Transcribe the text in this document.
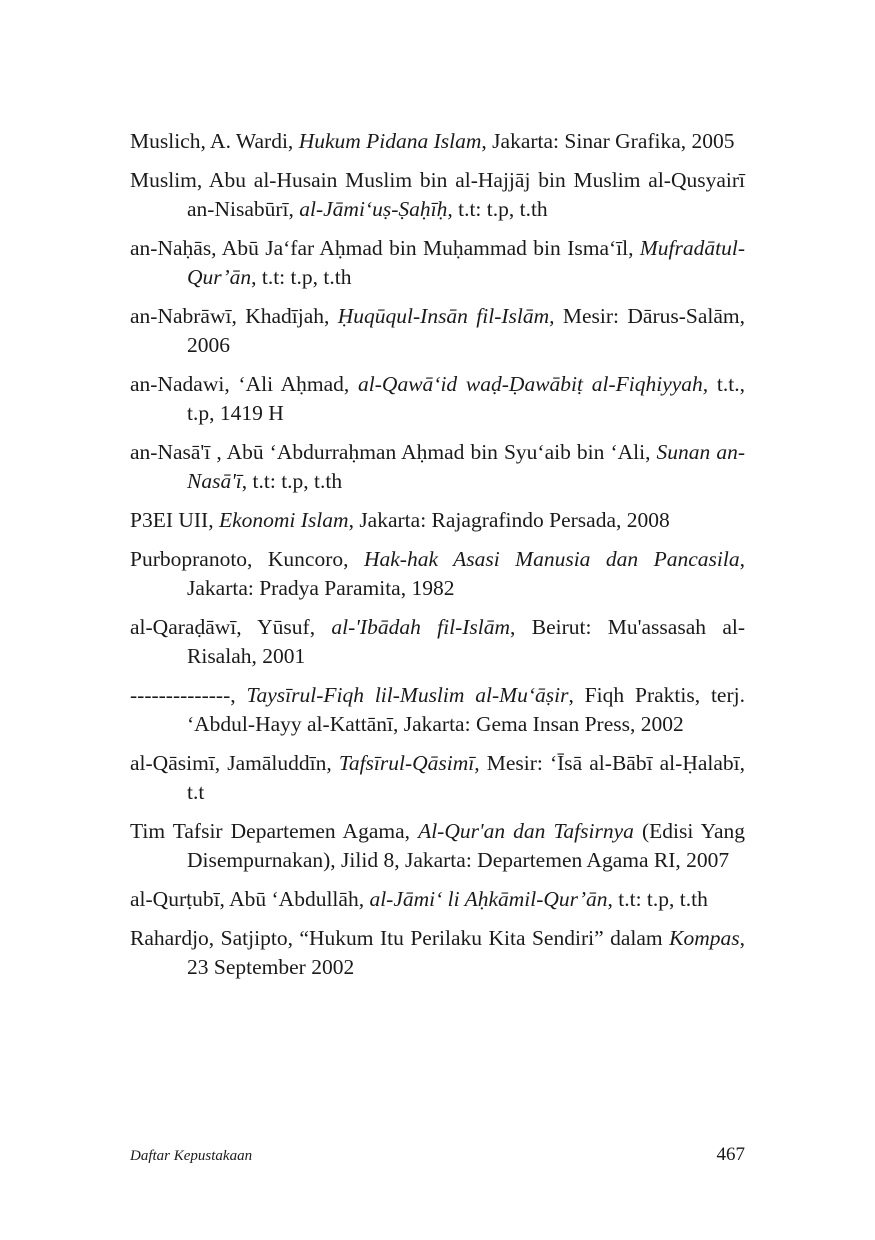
Muslich, A. Wardi, Hukum Pidana Islam, Jakarta: Sinar Grafika, 2005

Muslim, Abu al-Husain Muslim bin al-Hajjāj bin Muslim al-Qusyairī an-Nisabūrī, al-Jāmi‘uṣ-Ṣaḥīḥ, t.t: t.p, t.th

an-Naḥās, Abū Ja‘far Aḥmad bin Muḥammad bin Isma‘īl, Mufradātul-Qur’ān, t.t: t.p, t.th

an-Nabrāwī, Khadījah, Ḥuqūqul-Insān fil-Islām, Mesir: Dārus-Salām, 2006

an-Nadawi, ‘Ali Aḥmad, al-Qawā‘id waḍ-Ḍawābiṭ al-Fiqhiyyah, t.t., t.p, 1419 H

an-Nasā'ī , Abū ‘Abdurraḥman Aḥmad bin Syu‘aib bin ‘Ali, Sunan an-Nasā'ī, t.t: t.p, t.th

P3EI UII, Ekonomi Islam, Jakarta: Rajagrafindo Persada, 2008

Purbopranoto, Kuncoro, Hak-hak Asasi Manusia dan Pancasila, Jakarta: Pradya Paramita, 1982

al-Qaraḍāwī, Yūsuf, al-'Ibādah fil-Islām, Beirut: Mu'assasah al-Risalah, 2001

--------------, Taysīrul-Fiqh lil-Muslim al-Mu‘āṣir, Fiqh Praktis, terj. ‘Abdul-Hayy al-Kattānī, Jakarta: Gema Insan Press, 2002

al-Qāsimī, Jamāluddīn, Tafsīrul-Qāsimī, Mesir: ‘Īsā al-Bābī al-Ḥalabī, t.t

Tim Tafsir Departemen Agama, Al-Qur'an dan Tafsirnya (Edisi Yang Disempurnakan), Jilid 8, Jakarta: Departemen Agama RI, 2007

al-Qurṭubī, Abū ‘Abdullāh, al-Jāmi‘ li Aḥkāmil-Qur’ān, t.t: t.p, t.th

Rahardjo, Satjipto, “Hukum Itu Perilaku Kita Sendiri” dalam Kompas, 23 September 2002

Daftar Kepustakaan	467
